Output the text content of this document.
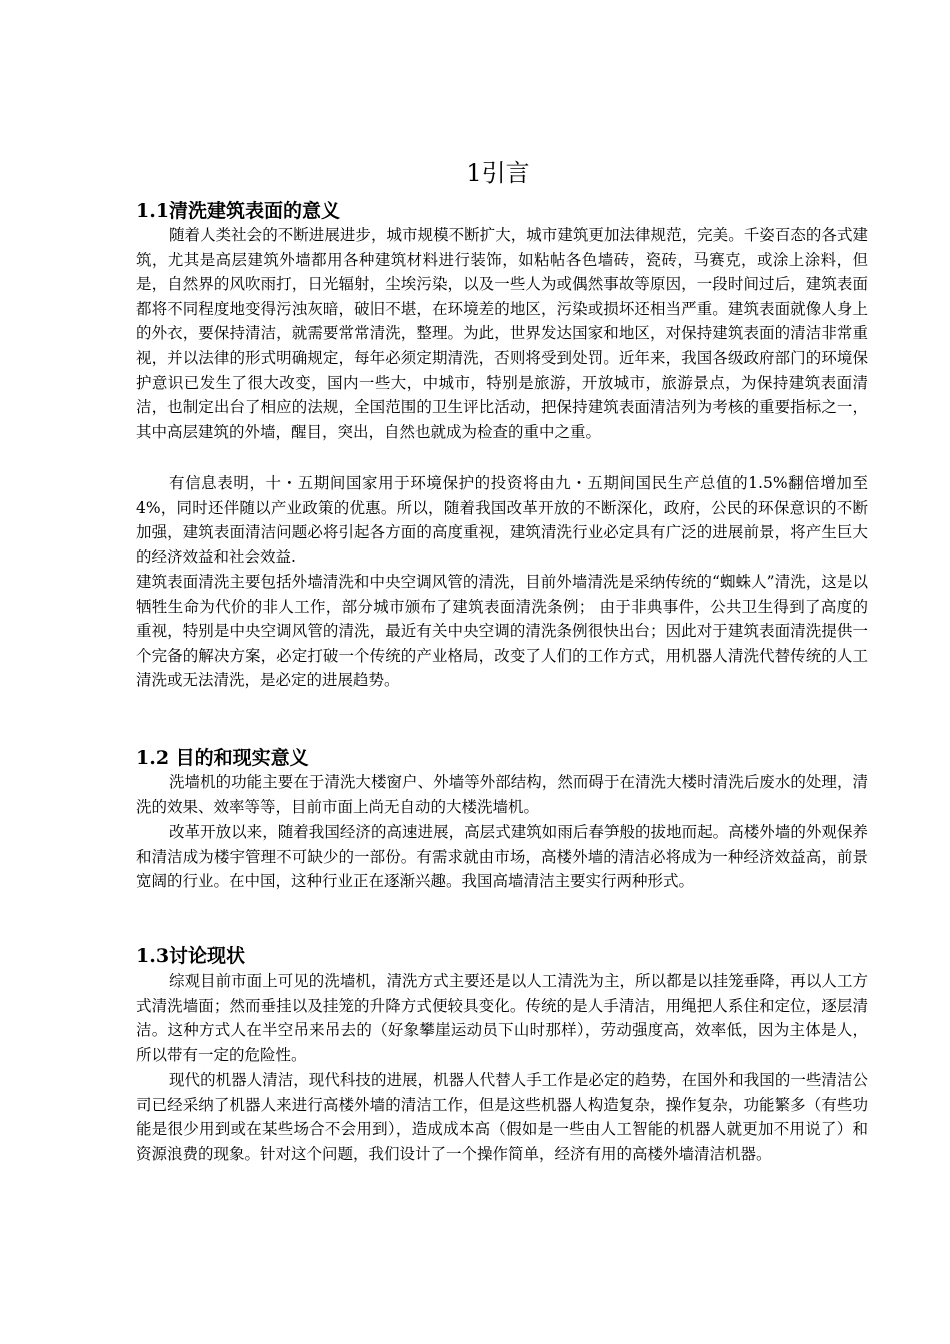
1引言
1.1清洗建筑表面的意义
随着人类社会的不断进展进步，城市规模不断扩大，城市建筑更加法律规范，完美。千姿百态的各式建筑，尤其是高层建筑外墙都用各种建筑材料进行装饰，如粘帖各色墙砖，瓷砖，马赛克，或涂上涂料，但是，自然界的风吹雨打，日光辐射，尘埃污染，以及一些人为或偶然事故等原因，一段时间过后，建筑表面都将不同程度地变得污浊灰暗，破旧不堪，在环境差的地区，污染或损坏还相当严重。建筑表面就像人身上的外衣，要保持清洁，就需要常常清洗，整理。为此，世界发达国家和地区，对保持建筑表面的清洁非常重视，并以法律的形式明确规定，每年必须定期清洗，否则将受到处罚。近年来，我国各级政府部门的环境保护意识已发生了很大改变，国内一些大，中城市，特别是旅游，开放城市，旅游景点，为保持建筑表面清洁，也制定出台了相应的法规，全国范围的卫生评比活动，把保持建筑表面清洁列为考核的重要指标之一，其中高层建筑的外墙，醒目，突出，自然也就成为检查的重中之重。
有信息表明，十・五期间国家用于环境保护的投资将由九・五期间国民生产总值的1.5%翻倍增加至4%，同时还伴随以产业政策的优惠。所以，随着我国改革开放的不断深化，政府，公民的环保意识的不断加强，建筑表面清洁问题必将引起各方面的高度重视，建筑清洗行业必定具有广泛的进展前景，将产生巨大的经济效益和社会效益.
建筑表面清洗主要包括外墙清洗和中央空调风管的清洗，目前外墙清洗是采纳传统的“蜘蛛人”清洗，这是以牺牲生命为代价的非人工作，部分城市颁布了建筑表面清洗条例； 由于非典事件，公共卫生得到了高度的重视，特别是中央空调风管的清洗，最近有关中央空调的清洗条例很快出台；因此对于建筑表面清洗提供一个完备的解决方案，必定打破一个传统的产业格局，改变了人们的工作方式，用机器人清洗代替传统的人工清洗或无法清洗，是必定的进展趋势。
1.2 目的和现实意义
洗墙机的功能主要在于清洗大楼窗户、外墙等外部结构，然而碍于在清洗大楼时清洗后废水的处理，清洗的效果、效率等等，目前市面上尚无自动的大楼洗墙机。
改革开放以来，随着我国经济的高速进展，高层式建筑如雨后春笋般的拔地而起。高楼外墙的外观保养和清洁成为楼宇管理不可缺少的一部份。有需求就由市场，高楼外墙的清洁必将成为一种经济效益高，前景宽阔的行业。在中国，这种行业正在逐渐兴趣。我国高墙清洁主要实行两种形式。
1.3讨论现状
综观目前市面上可见的洗墙机，清洗方式主要还是以人工清洗为主，所以都是以挂笼垂降，再以人工方式清洗墙面；然而垂挂以及挂笼的升降方式便较具变化。传统的是人手清洁，用绳把人系住和定位，逐层清洁。这种方式人在半空吊来吊去的（好象攀崖运动员下山时那样），劳动强度高，效率低，因为主体是人，所以带有一定的危险性。
现代的机器人清洁，现代科技的进展，机器人代替人手工作是必定的趋势，在国外和我国的一些清洁公司已经采纳了机器人来进行高楼外墙的清洁工作，但是这些机器人构造复杂，操作复杂，功能繁多（有些功能是很少用到或在某些场合不会用到），造成成本高（假如是一些由人工智能的机器人就更加不用说了）和资源浪费的现象。针对这个问题，我们设计了一个操作简单，经济有用的高楼外墙清洁机器。
